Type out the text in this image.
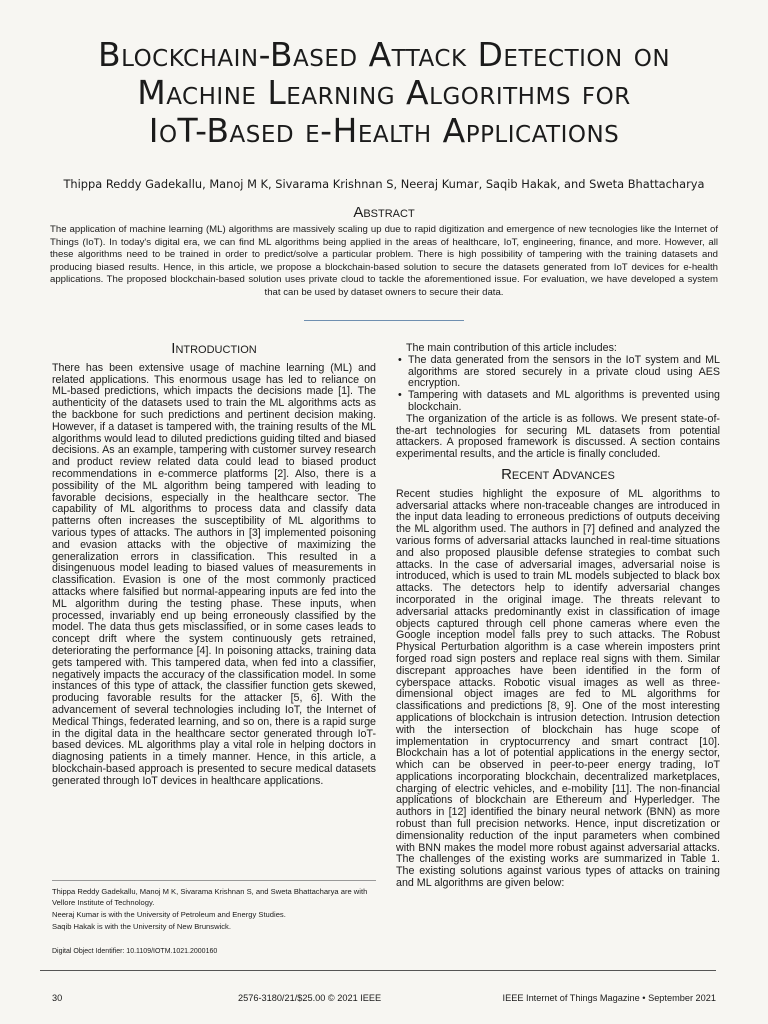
Blockchain-Based Attack Detection on
Machine Learning Algorithms for
IoT-Based e-Health Applications
Thippa Reddy Gadekallu, Manoj M K, Sivarama Krishnan S, Neeraj Kumar, Saqib Hakak, and Sweta Bhattacharya
Abstract

The application of machine learning (ML) algorithms are massively scaling up due to rapid digitization and emergence of new tecnologies like the Internet of Things (IoT). In today's digital era, we can find ML algorithms being applied in the areas of healthcare, IoT, engineering, finance, and more. However, all these algorithms need to be trained in order to predict/solve a particular problem. There is high possibility of tampering with the training datasets and producing biased results. Hence, in this article, we propose a blockchain-based solution to secure the datasets generated from IoT devices for e-health applications. The proposed blockchain-based solution uses private cloud to tackle the aforementioned issue. For evaluation, we have developed a system that can be used by dataset owners to secure their data.

Introduction

There has been extensive usage of machine learning (ML) and related applications. This enormous usage has led to reliance on ML-based predictions, which impacts the decisions made [1]. The authenticity of the datasets used to train the ML algorithms acts as the backbone for such predictions and pertinent decision making. However, if a dataset is tampered with, the training results of the ML algorithms would lead to diluted predictions guiding tilted and biased decisions. As an example, tampering with customer survey research and product review related data could lead to biased product recommendations in e-commerce platforms [2]. Also, there is a possibility of the ML algorithm being tampered with leading to favorable decisions, especially in the healthcare sector. The capability of ML algorithms to process data and classify data patterns often increases the susceptibility of ML algorithms to various types of attacks. The authors in [3] implemented poisoning and evasion attacks with the objective of maximizing the generalization errors in classification. This resulted in a disingenuous model leading to biased values of measurements in classification. Evasion is one of the most commonly practiced attacks where falsified but normal-appearing inputs are fed into the ML algorithm during the testing phase. These inputs, when processed, invariably end up being erroneously classified by the model. The data thus gets misclassified, or in some cases leads to concept drift where the system continuously gets retrained, deteriorating the performance [4]. In poisoning attacks, training data gets tampered with. This tampered data, when fed into a classifier, negatively impacts the accuracy of the classification model. In some instances of this type of attack, the classifier function gets skewed, producing favorable results for the attacker [5, 6]. With the advancement of several technologies including IoT, the Internet of Medical Things, federated learning, and so on, there is a rapid surge in the digital data in the healthcare sector generated through IoT-based devices. ML algorithms play a vital role in helping doctors in diagnosing patients in a timely manner. Hence, in this article, a blockchain-based approach is presented to secure medical datasets generated through IoT devices in healthcare applications.

Thippa Reddy Gadekallu, Manoj M K, Sivarama Krishnan S, and Sweta Bhattacharya are with Vellore Institute of Technology.

Neeraj Kumar is with the University of Petroleum and Energy Studies.

Saqib Hakak is with the University of New Brunswick.

Digital Object Identifier: 10.1109/IOTM.1021.2000160

The main contribution of this article includes:

• The data generated from the sensors in the IoT system and ML algorithms are stored securely in a private cloud using AES encryption.
• Tampering with datasets and ML algorithms is prevented using blockchain.

The organization of the article is as follows. We present state-of-the-art technologies for securing ML datasets from potential attackers. A proposed framework is discussed. A section contains experimental results, and the article is finally concluded.

Recent Advances

Recent studies highlight the exposure of ML algorithms to adversarial attacks where non-traceable changes are introduced in the input data leading to erroneous predictions of outputs deceiving the ML algorithm used. The authors in [7] defined and analyzed the various forms of adversarial attacks launched in real-time situations and also proposed plausible defense strategies to combat such attacks. In the case of adversarial images, adversarial noise is introduced, which is used to train ML models subjected to black box attacks. The detectors help to identify adversarial changes incorporated in the original image. The threats relevant to adversarial attacks predominantly exist in classification of image objects captured through cell phone cameras where even the Google inception model falls prey to such attacks. The Robust Physical Perturbation algorithm is a case wherein imposters print forged road sign posters and replace real signs with them. Similar discrepant approaches have been identified in the form of cyberspace attacks. Robotic visual images as well as three-dimensional object images are fed to ML algorithms for classifications and predictions [8, 9]. One of the most interesting applications of blockchain is intrusion detection. Intrusion detection with the intersection of blockchain has huge scope of implementation in cryptocurrency and smart contract [10]. Blockchain has a lot of potential applications in the energy sector, which can be observed in peer-to-peer energy trading, IoT applications incorporating blockchain, decentralized marketplaces, charging of electric vehicles, and e-mobility [11]. The non-financial applications of blockchain are Ethereum and Hyperledger. The authors in [12] identified the binary neural network (BNN) as more robust than full precision networks. Hence, input discretization or dimensionality reduction of the input parameters when combined with BNN makes the model more robust against adversarial attacks. The challenges of the existing works are summarized in Table 1. The existing solutions against various types of attacks on training and ML algorithms are given below:

30	2576-3180/21/$25.00 © 2021 IEEE	IEEE Internet of Things Magazine • September 2021
